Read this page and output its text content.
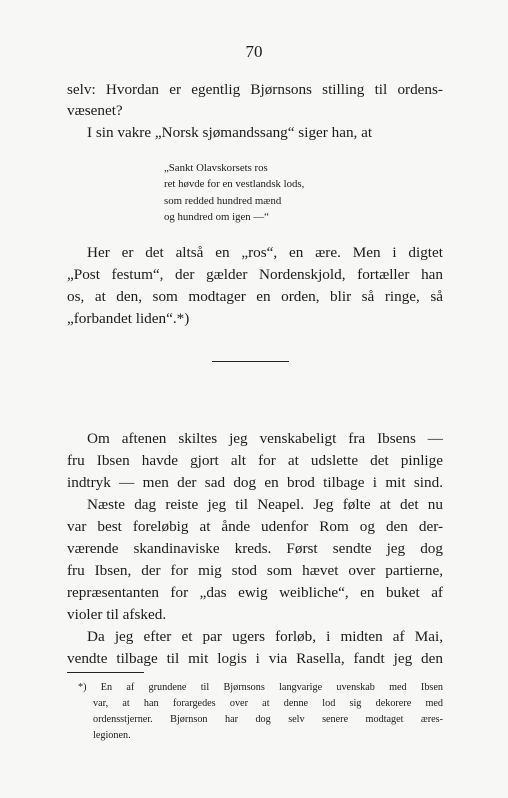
70
selv: Hvordan er egentlig Bjørnsons stilling til ordens-
væsenet?
I sin vakre „Norsk sjømandssang“ siger han, at
„Sankt Olavskorsets ros
ret høvde for en vestlandsk lods,
som redded hundred mænd
og hundred om igen —“
Her er det altså en „ros“, en ære. Men i digtet
„Post festum“, der gælder Nordenskjold, fortæller han
os, at den, som modtager en orden, blir så ringe, så
„forbandet liden“.*)
Om aftenen skiltes jeg venskabeligt fra Ibsens —
fru Ibsen havde gjort alt for at udslette det pinlige
indtryk — men der sad dog en brod tilbage i mit sind.
Næste dag reiste jeg til Neapel. Jeg følte at det nu
var best foreløbig at ånde udenfor Rom og den der-
værende skandinaviske kreds. Først sendte jeg dog
fru Ibsen, der for mig stod som hævet over partierne,
repræsentanten for „das ewig weibliche“, en buket af
violer til afsked.
Da jeg efter et par ugers forløb, i midten af Mai,
vendte tilbage til mit logis i via Rasella, fandt jeg den
*) En af grundene til Bjørnsons langvarige uvenskab med Ibsen
var, at han forargedes over at denne lod sig dekorere med
ordensstjerner. Bjørnson har dog selv senere modtaget æres-
legionen.
